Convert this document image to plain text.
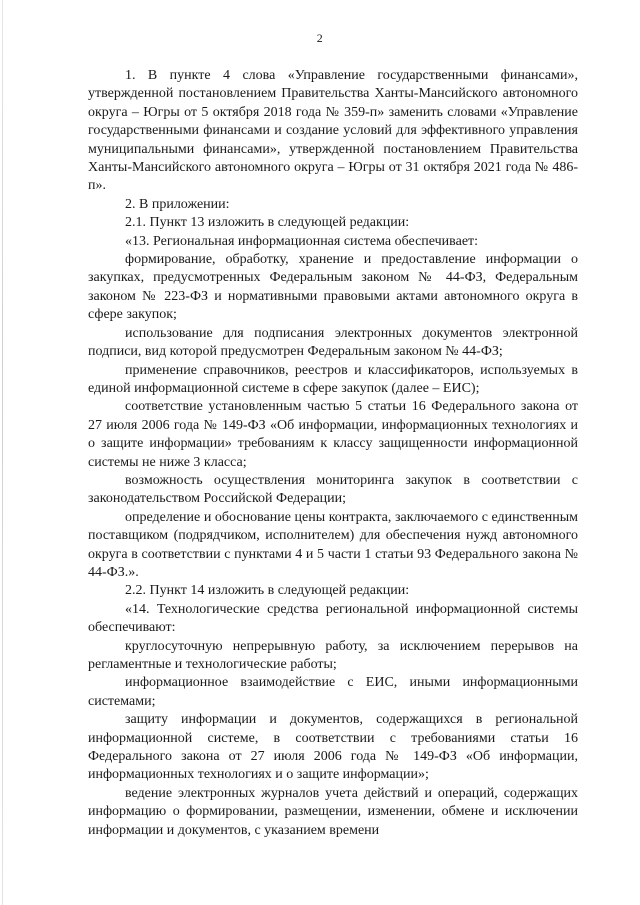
2

1. В пункте 4 слова «Управление государственными финансами», утвержденной постановлением Правительства Ханты-Мансийского автономного округа – Югры от 5 октября 2018 года № 359-п» заменить словами «Управление государственными финансами и создание условий для эффективного управления муниципальными финансами», утвержденной постановлением Правительства Ханты-Мансийского автономного округа – Югры от 31 октября 2021 года № 486-п».

2. В приложении:

2.1. Пункт 13 изложить в следующей редакции:

«13. Региональная информационная система обеспечивает:

формирование, обработку, хранение и предоставление информации о закупках, предусмотренных Федеральным законом № 44-ФЗ, Федеральным законом № 223-ФЗ и нормативными правовыми актами автономного округа в сфере закупок;

использование для подписания электронных документов электронной подписи, вид которой предусмотрен Федеральным законом № 44-ФЗ;

применение справочников, реестров и классификаторов, используемых в единой информационной системе в сфере закупок (далее – ЕИС);

соответствие установленным частью 5 статьи 16 Федерального закона от 27 июля 2006 года № 149-ФЗ «Об информации, информационных технологиях и о защите информации» требованиям к классу защищенности информационной системы не ниже 3 класса;

возможность осуществления мониторинга закупок в соответствии с законодательством Российской Федерации;

определение и обоснование цены контракта, заключаемого с единственным поставщиком (подрядчиком, исполнителем) для обеспечения нужд автономного округа в соответствии с пунктами 4 и 5 части 1 статьи 93 Федерального закона № 44-ФЗ.».

2.2. Пункт 14 изложить в следующей редакции:

«14. Технологические средства региональной информационной системы обеспечивают:

круглосуточную непрерывную работу, за исключением перерывов на регламентные и технологические работы;

информационное взаимодействие с ЕИС, иными информационными системами;

защиту информации и документов, содержащихся в региональной информационной системе, в соответствии с требованиями статьи 16 Федерального закона от 27 июля 2006 года № 149-ФЗ «Об информации, информационных технологиях и о защите информации»;

ведение электронных журналов учета действий и операций, содержащих информацию о формировании, размещении, изменении, обмене и исключении информации и документов, с указанием времени
